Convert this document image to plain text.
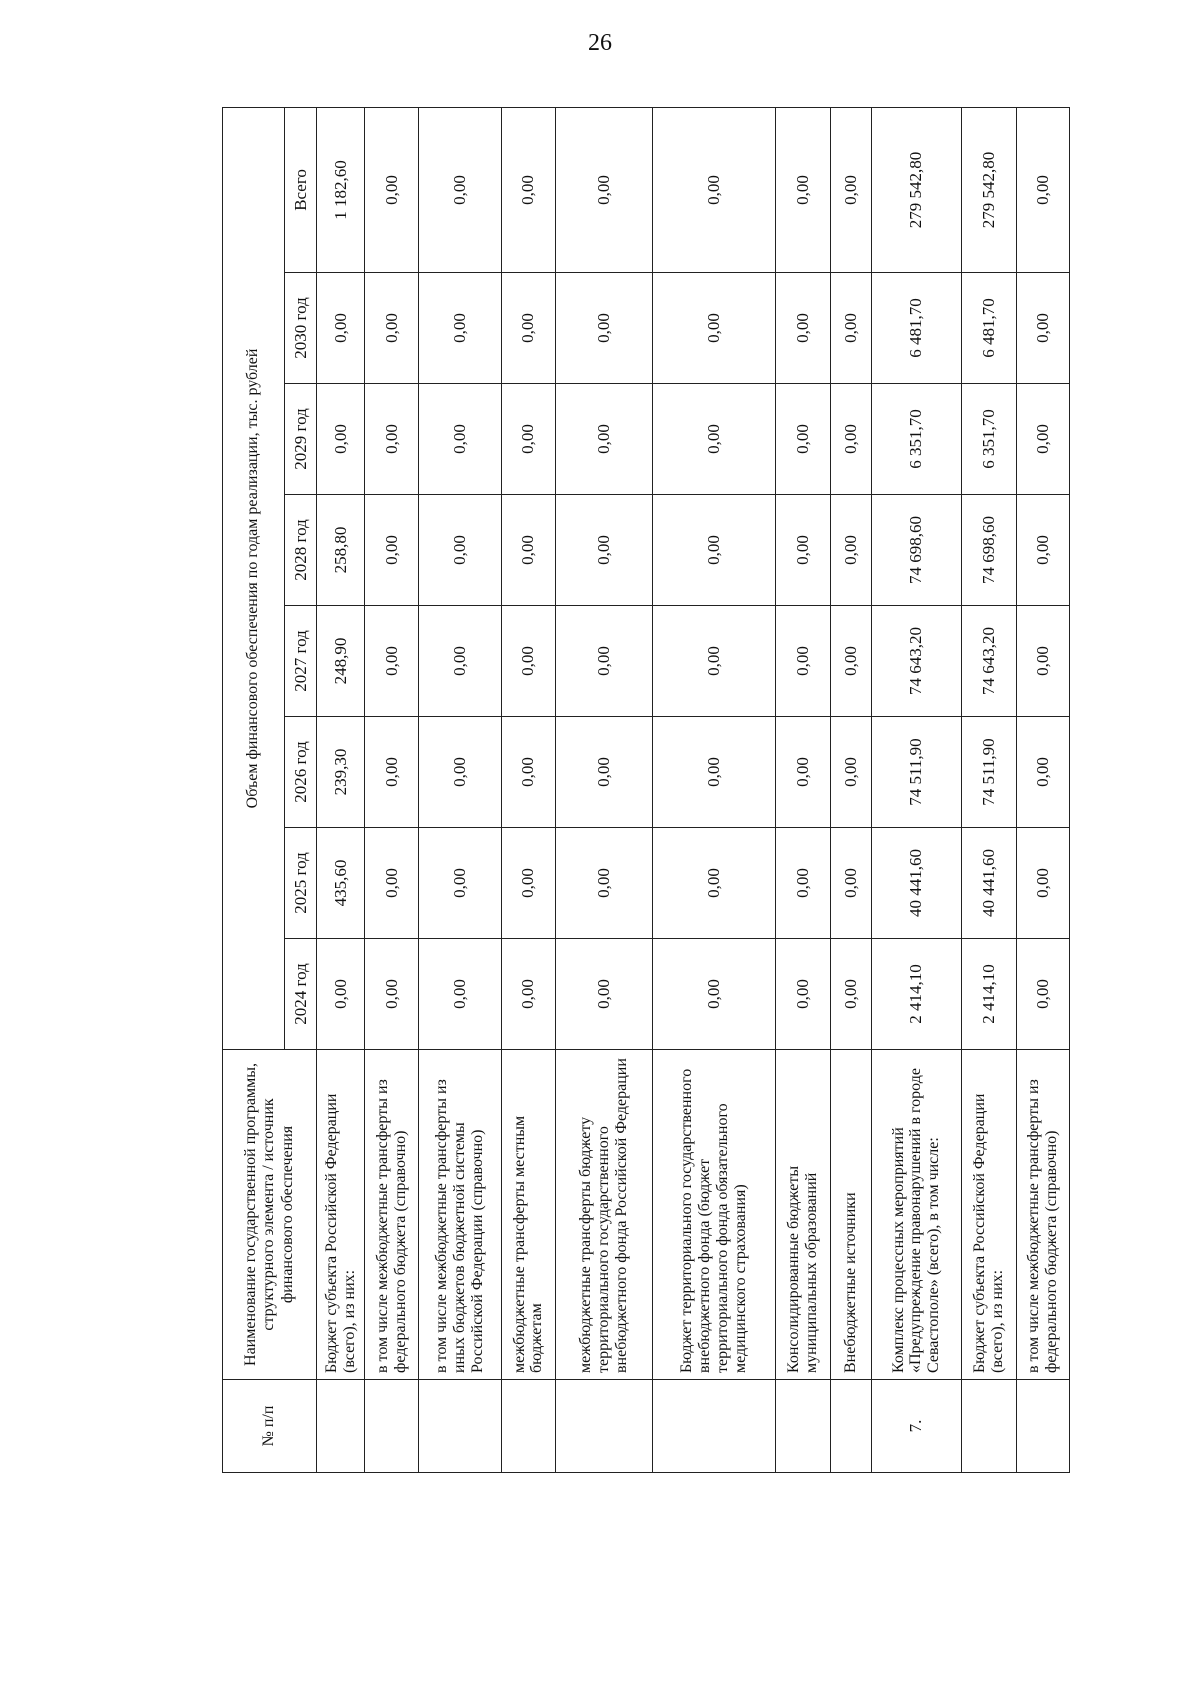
26
№ п/п	Наименование государственной программы, структурного элемента / источник финансового обеспечения	Объем финансового обеспечения по годам реализации, тыс. рублей							
		2024 год	2025 год	2026 год	2027 год	2028 год	2029 год	2030 год	Всего
	Бюджет субъекта Российской Федерации (всего), из них:	0,00	435,60	239,30	248,90	258,80	0,00	0,00	1 182,60
	в том числе межбюджетные трансферты из федерального бюджета (справочно)	0,00	0,00	0,00	0,00	0,00	0,00	0,00	0,00
	в том числе межбюджетные трансферты из иных бюджетов бюджетной системы Российской Федерации (справочно)	0,00	0,00	0,00	0,00	0,00	0,00	0,00	0,00
	межбюджетные трансферты местным бюджетам	0,00	0,00	0,00	0,00	0,00	0,00	0,00	0,00
	межбюджетные трансферты бюджету территориального государственного внебюджетного фонда Российской Федерации	0,00	0,00	0,00	0,00	0,00	0,00	0,00	0,00
	Бюджет территориального государственного внебюджетного фонда (бюджет территориального фонда обязательного медицинского страхования)	0,00	0,00	0,00	0,00	0,00	0,00	0,00	0,00
	Консолидированные бюджеты муниципальных образований	0,00	0,00	0,00	0,00	0,00	0,00	0,00	0,00
	Внебюджетные источники	0,00	0,00	0,00	0,00	0,00	0,00	0,00	0,00
7.	Комплекс процессных мероприятий «Предупреждение правонарушений в городе Севастополе» (всего), в том числе:	2 414,10	40 441,60	74 511,90	74 643,20	74 698,60	6 351,70	6 481,70	279 542,80
	Бюджет субъекта Российской Федерации (всего), из них:	2 414,10	40 441,60	74 511,90	74 643,20	74 698,60	6 351,70	6 481,70	279 542,80
	в том числе межбюджетные трансферты из федерального бюджета (справочно)	0,00	0,00	0,00	0,00	0,00	0,00	0,00	0,00
